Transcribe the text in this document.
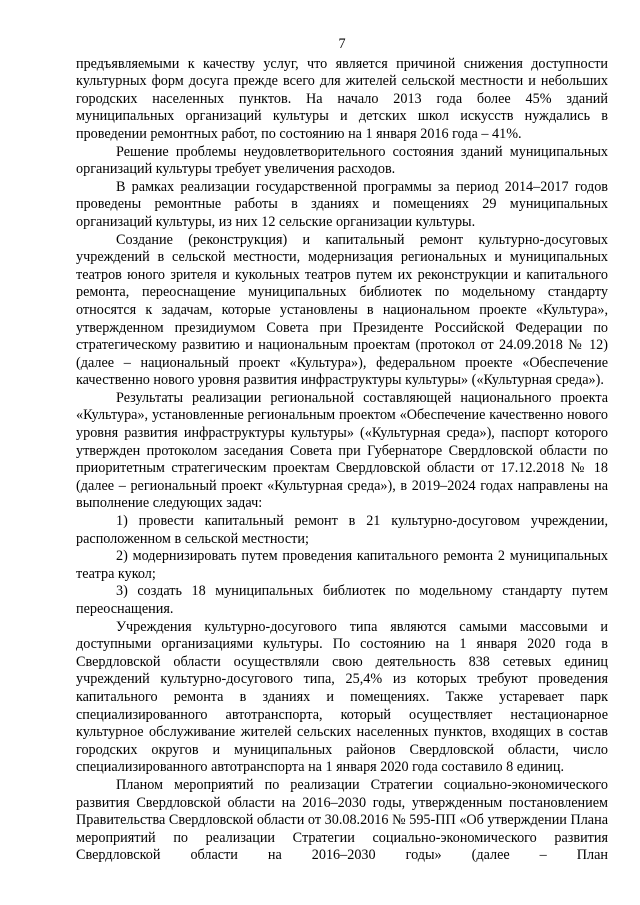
7

предъявляемыми к качеству услуг, что является причиной снижения доступности культурных форм досуга прежде всего для жителей сельской местности и небольших городских населенных пунктов. На начало 2013 года более 45% зданий муниципальных организаций культуры и детских школ искусств нуждались в проведении ремонтных работ, по состоянию на 1 января 2016 года – 41%.

Решение проблемы неудовлетворительного состояния зданий муниципальных организаций культуры требует увеличения расходов.

В рамках реализации государственной программы за период 2014–2017 годов проведены ремонтные работы в зданиях и помещениях 29 муниципальных организаций культуры, из них 12 сельские организации культуры.

Создание (реконструкция) и капитальный ремонт культурно-досуговых учреждений в сельской местности, модернизация региональных и муниципальных театров юного зрителя и кукольных театров путем их реконструкции и капитального ремонта, переоснащение муниципальных библиотек по модельному стандарту относятся к задачам, которые установлены в национальном проекте «Культура», утвержденном президиумом Совета при Президенте Российской Федерации по стратегическому развитию и национальным проектам (протокол от 24.09.2018 № 12) (далее – национальный проект «Культура»), федеральном проекте «Обеспечение качественно нового уровня развития инфраструктуры культуры» («Культурная среда»).

Результаты реализации региональной составляющей национального проекта «Культура», установленные региональным проектом «Обеспечение качественно нового уровня развития инфраструктуры культуры» («Культурная среда»), паспорт которого утвержден протоколом заседания Совета при Губернаторе Свердловской области по приоритетным стратегическим проектам Свердловской области от 17.12.2018 № 18 (далее – региональный проект «Культурная среда»), в 2019–2024 годах направлены на выполнение следующих задач:

1) провести капитальный ремонт в 21 культурно-досуговом учреждении, расположенном в сельской местности;

2) модернизировать путем проведения капитального ремонта 2 муниципальных театра кукол;

3) создать 18 муниципальных библиотек по модельному стандарту путем переоснащения.

Учреждения культурно-досугового типа являются самыми массовыми и доступными организациями культуры. По состоянию на 1 января 2020 года в Свердловской области осуществляли свою деятельность 838 сетевых единиц учреждений культурно-досугового типа, 25,4% из которых требуют проведения капитального ремонта в зданиях и помещениях. Также устаревает парк специализированного автотранспорта, который осуществляет нестационарное культурное обслуживание жителей сельских населенных пунктов, входящих в состав городских округов и муниципальных районов Свердловской области, число специализированного автотранспорта на 1 января 2020 года составило 8 единиц.

Планом мероприятий по реализации Стратегии социально-экономического развития Свердловской области на 2016–2030 годы, утвержденным постановлением Правительства Свердловской области от 30.08.2016 № 595-ПП «Об утверждении Плана мероприятий по реализации Стратегии социально-экономического развития Свердловской области на 2016–2030 годы» (далее – План
